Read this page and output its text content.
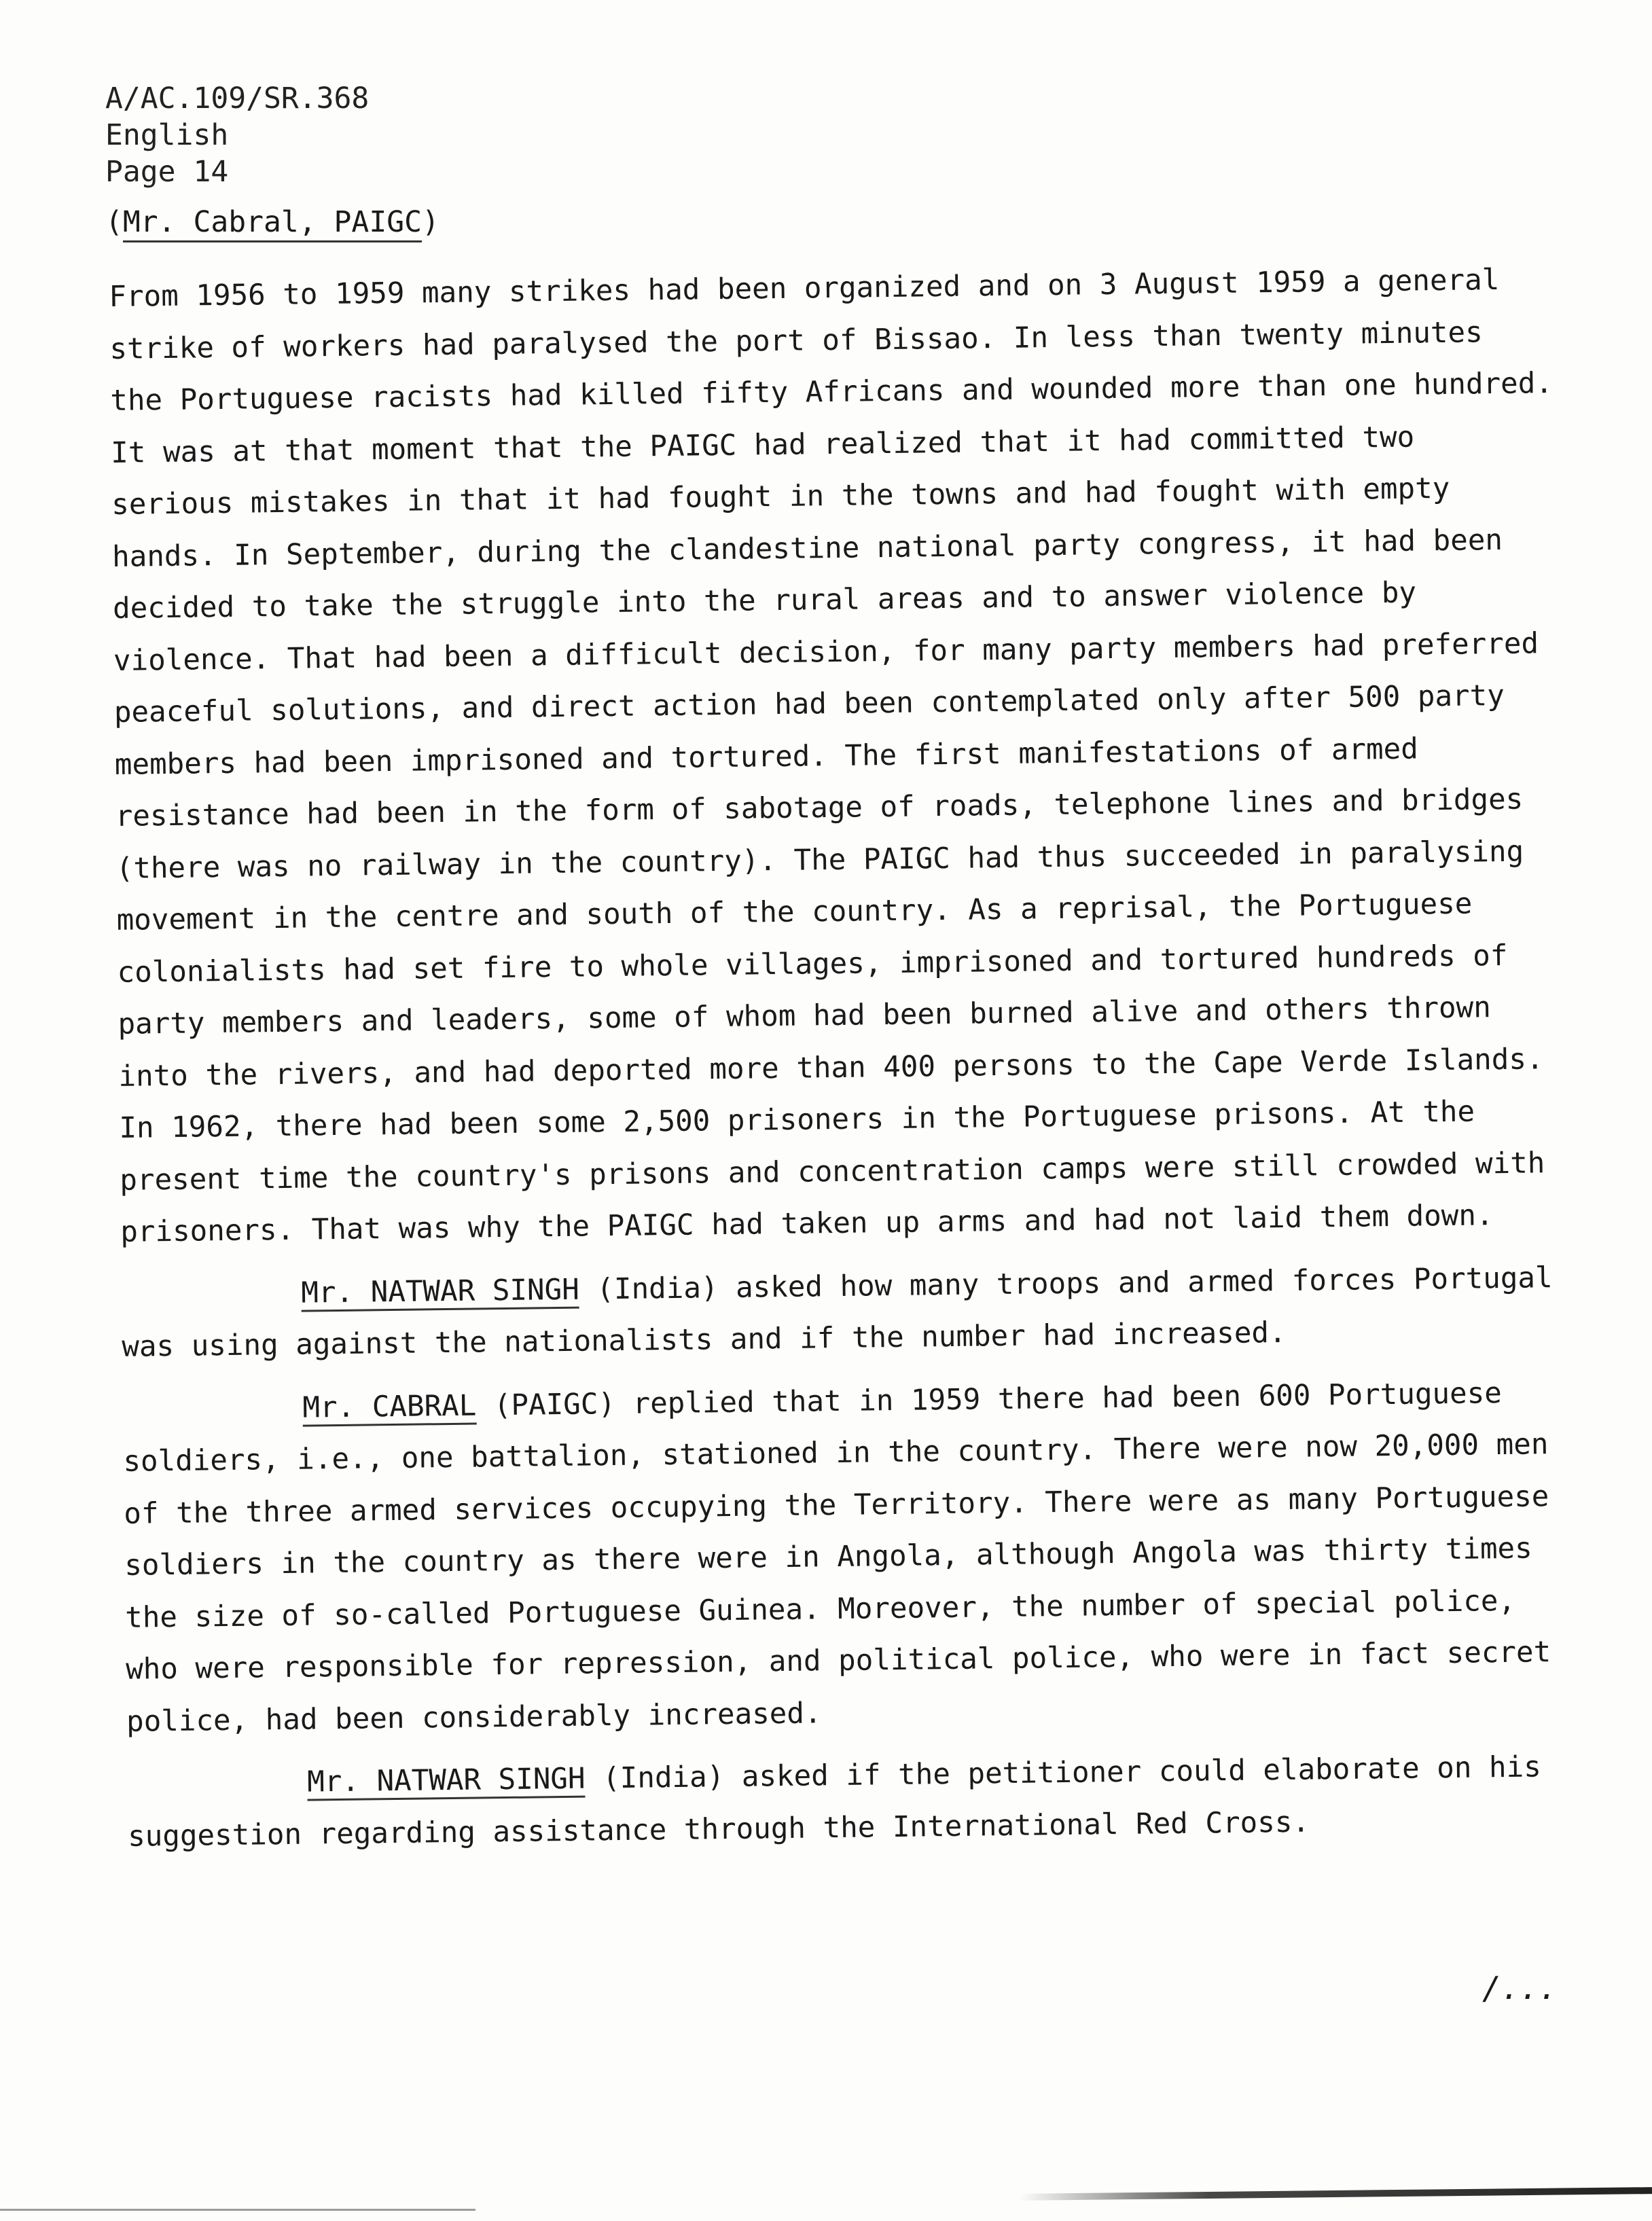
A/AC.109/SR.368
English
Page 14
(Mr. Cabral, PAIGC)
From 1956 to 1959 many strikes had been organized and on 3 August 1959 a general
strike of workers had paralysed the port of Bissao. In less than twenty minutes
the Portuguese racists had killed fifty Africans and wounded more than one hundred.
It was at that moment that the PAIGC had realized that it had committed two
serious mistakes in that it had fought in the towns and had fought with empty
hands. In September, during the clandestine national party congress, it had been
decided to take the struggle into the rural areas and to answer violence by
violence. That had been a difficult decision, for many party members had preferred
peaceful solutions, and direct action had been contemplated only after 500 party
members had been imprisoned and tortured. The first manifestations of armed
resistance had been in the form of sabotage of roads, telephone lines and bridges
(there was no railway in the country). The PAIGC had thus succeeded in paralysing
movement in the centre and south of the country. As a reprisal, the Portuguese
colonialists had set fire to whole villages, imprisoned and tortured hundreds of
party members and leaders, some of whom had been burned alive and others thrown
into the rivers, and had deported more than 400 persons to the Cape Verde Islands.
In 1962, there had been some 2,500 prisoners in the Portuguese prisons. At the
present time the country's prisons and concentration camps were still crowded with
prisoners. That was why the PAIGC had taken up arms and had not laid them down.
Mr. NATWAR SINGH (India) asked how many troops and armed forces Portugal
was using against the nationalists and if the number had increased.
Mr. CABRAL (PAIGC) replied that in 1959 there had been 600 Portuguese
soldiers, i.e., one battalion, stationed in the country. There were now 20,000 men
of the three armed services occupying the Territory. There were as many Portuguese
soldiers in the country as there were in Angola, although Angola was thirty times
the size of so-called Portuguese Guinea. Moreover, the number of special police,
who were responsible for repression, and political police, who were in fact secret
police, had been considerably increased.
Mr. NATWAR SINGH (India) asked if the petitioner could elaborate on his
suggestion regarding assistance through the International Red Cross.
/...
